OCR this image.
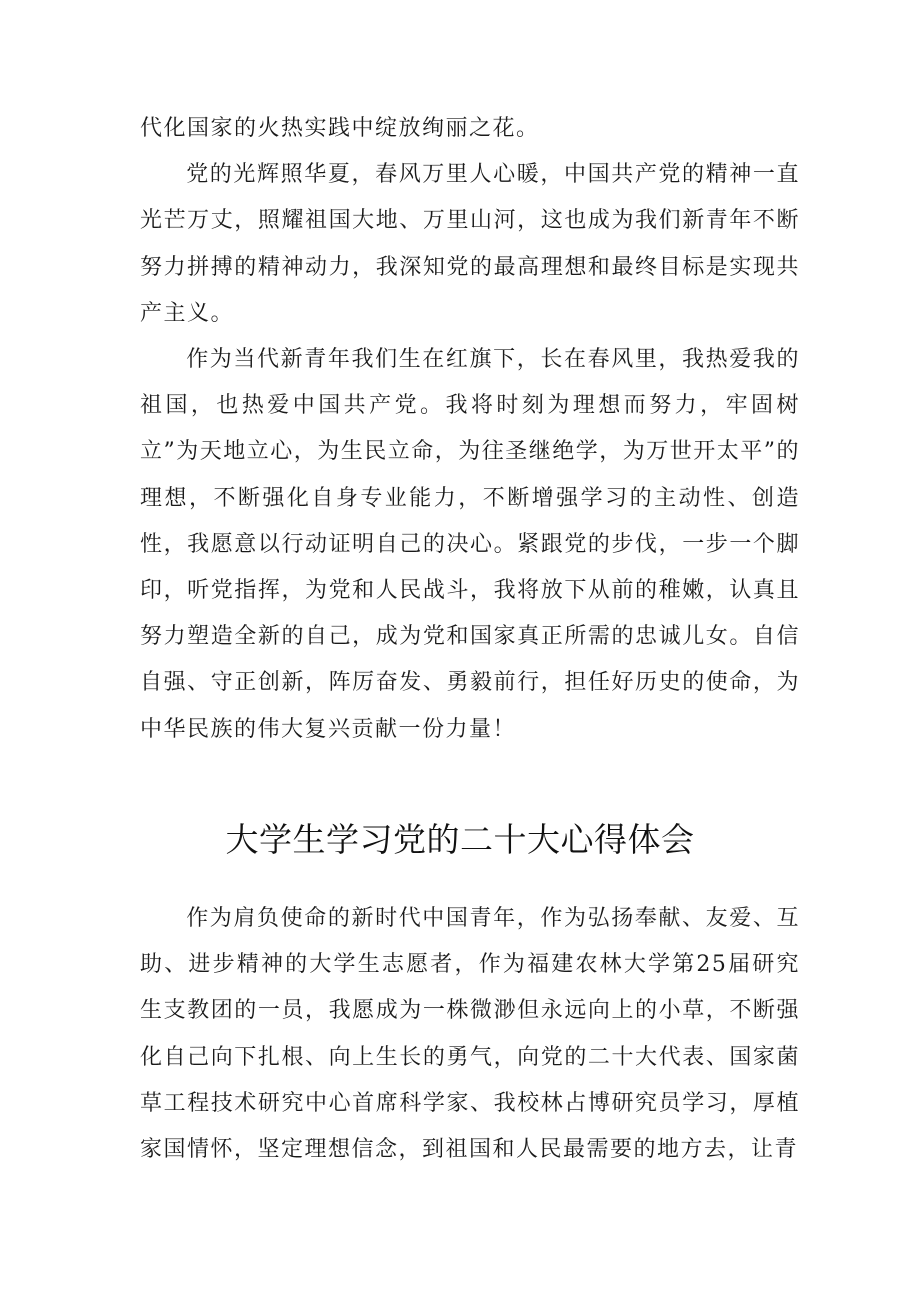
代化国家的火热实践中绽放绚丽之花。

党的光辉照华夏，春风万里人心暖，中国共产党的精神一直光芒万丈，照耀祖国大地、万里山河，这也成为我们新青年不断努力拼搏的精神动力，我深知党的最高理想和最终目标是实现共产主义。

作为当代新青年我们生在红旗下，长在春风里，我热爱我的祖国，也热爱中国共产党。我将时刻为理想而努力，牢固树立”为天地立心，为生民立命，为往圣继绝学，为万世开太平”的理想，不断强化自身专业能力，不断增强学习的主动性、创造性，我愿意以行动证明自己的决心。紧跟党的步伐，一步一个脚印，听党指挥，为党和人民战斗，我将放下从前的稚嫩，认真且努力塑造全新的自己，成为党和国家真正所需的忠诚儿女。自信自强、守正创新，阵厉奋发、勇毅前行，担任好历史的使命，为中华民族的伟大复兴贡献一份力量！

大学生学习党的二十大心得体会

作为肩负使命的新时代中国青年，作为弘扬奉献、友爱、互助、进步精神的大学生志愿者，作为福建农林大学第25届研究生支教团的一员，我愿成为一株微渺但永远向上的小草，不断强化自己向下扎根、向上生长的勇气，向党的二十大代表、国家菌草工程技术研究中心首席科学家、我校林占博研究员学习，厚植家国情怀，坚定理想信念，到祖国和人民最需要的地方去，让青
